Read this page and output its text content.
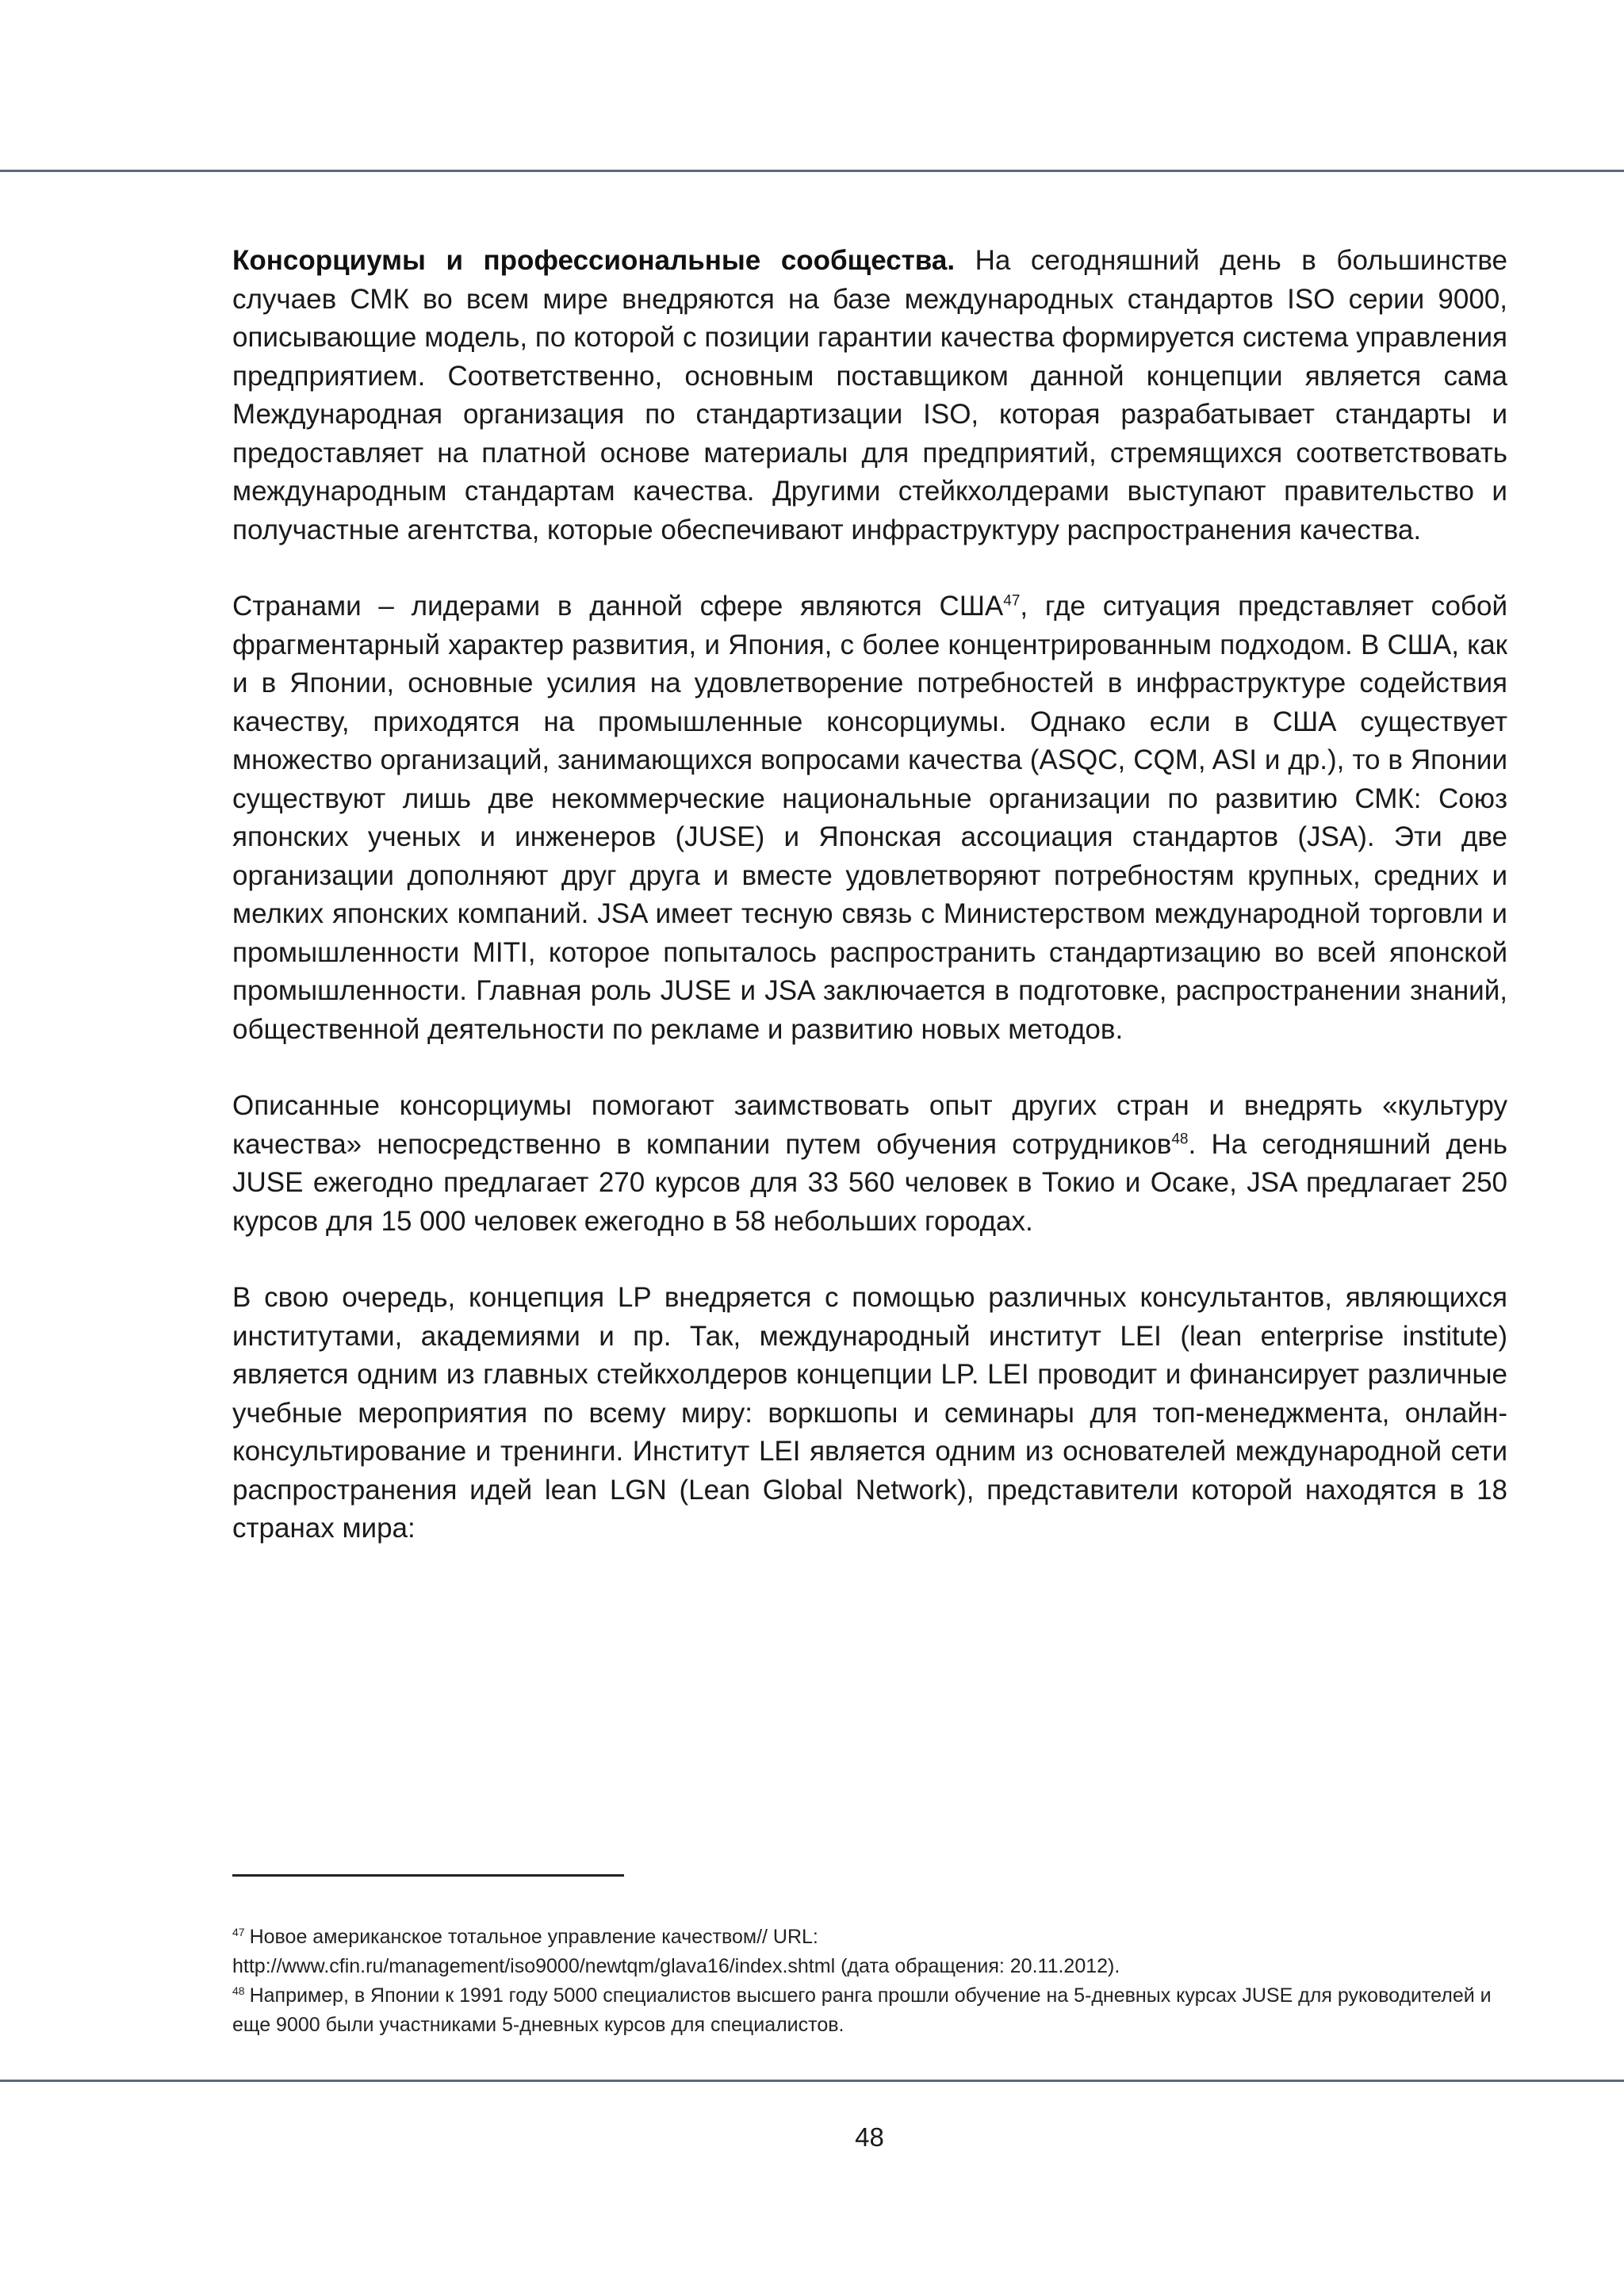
Консорциумы и профессиональные сообщества. На сегодняшний день в большинстве случаев СМК во всем мире внедряются на базе международных стандартов ISO серии 9000, описывающие модель, по которой с позиции гарантии качества формируется система управления предприятием. Соответственно, основным поставщиком данной концепции является сама Международная организация по стандартизации ISO, которая разрабатывает стандарты и предоставляет на платной основе материалы для предприятий, стремящихся соответствовать международным стандартам качества. Другими стейкхолдерами выступают правительство и получастные агентства, которые обеспечивают инфраструктуру распространения качества.

Странами – лидерами в данной сфере являются США$^{47}$, где ситуация представляет собой фрагментарный характер развития, и Япония, с более концентрированным подходом. В США, как и в Японии, основные усилия на удовлетворение потребностей в инфраструктуре содействия качеству, приходятся на промышленные консорциумы. Однако если в США существует множество организаций, занимающихся вопросами качества (ASQC, CQM, ASI и др.), то в Японии существуют лишь две некоммерческие национальные организации по развитию СМК: Союз японских ученых и инженеров (JUSE) и Японская ассоциация стандартов (JSA). Эти две организации дополняют друг друга и вместе удовлетворяют потребностям крупных, средних и мелких японских компаний. JSA имеет тесную связь с Министерством международной торговли и промышленности MITI, которое попыталось распространить стандартизацию во всей японской промышленности. Главная роль JUSE и JSA заключается в подготовке, распространении знаний, общественной деятельности по рекламе и развитию новых методов.

Описанные консорциумы помогают заимствовать опыт других стран и внедрять «культуру качества» непосредственно в компании путем обучения сотрудников$^{48}$. На сегодняшний день JUSE ежегодно предлагает 270 курсов для 33 560 человек в Токио и Осаке, JSA предлагает 250 курсов для 15 000 человек ежегодно в 58 небольших городах.

В свою очередь, концепция LP внедряется с помощью различных консультантов, являющихся институтами, академиями и пр. Так, международный институт LEI (lean enterprise institute) является одним из главных стейкхолдеров концепции LP. LEI проводит и финансирует различные учебные мероприятия по всему миру: воркшопы и семинары для топ-менеджмента, онлайн-консультирование и тренинги. Институт LEI является одним из основателей международной сети распространения идей lean LGN (Lean Global Network), представители которой находятся в 18 странах мира:

$^{47}$ Новое американское тотальное управление качеством// URL:
http://www.cfin.ru/management/iso9000/newtqm/glava16/index.shtml (дата обращения: 20.11.2012).

$^{48}$ Например, в Японии к 1991 году 5000 специалистов высшего ранга прошли обучение на 5-дневных курсах JUSE для руководителей и еще 9000 были участниками 5-дневных курсов для специалистов.

48
